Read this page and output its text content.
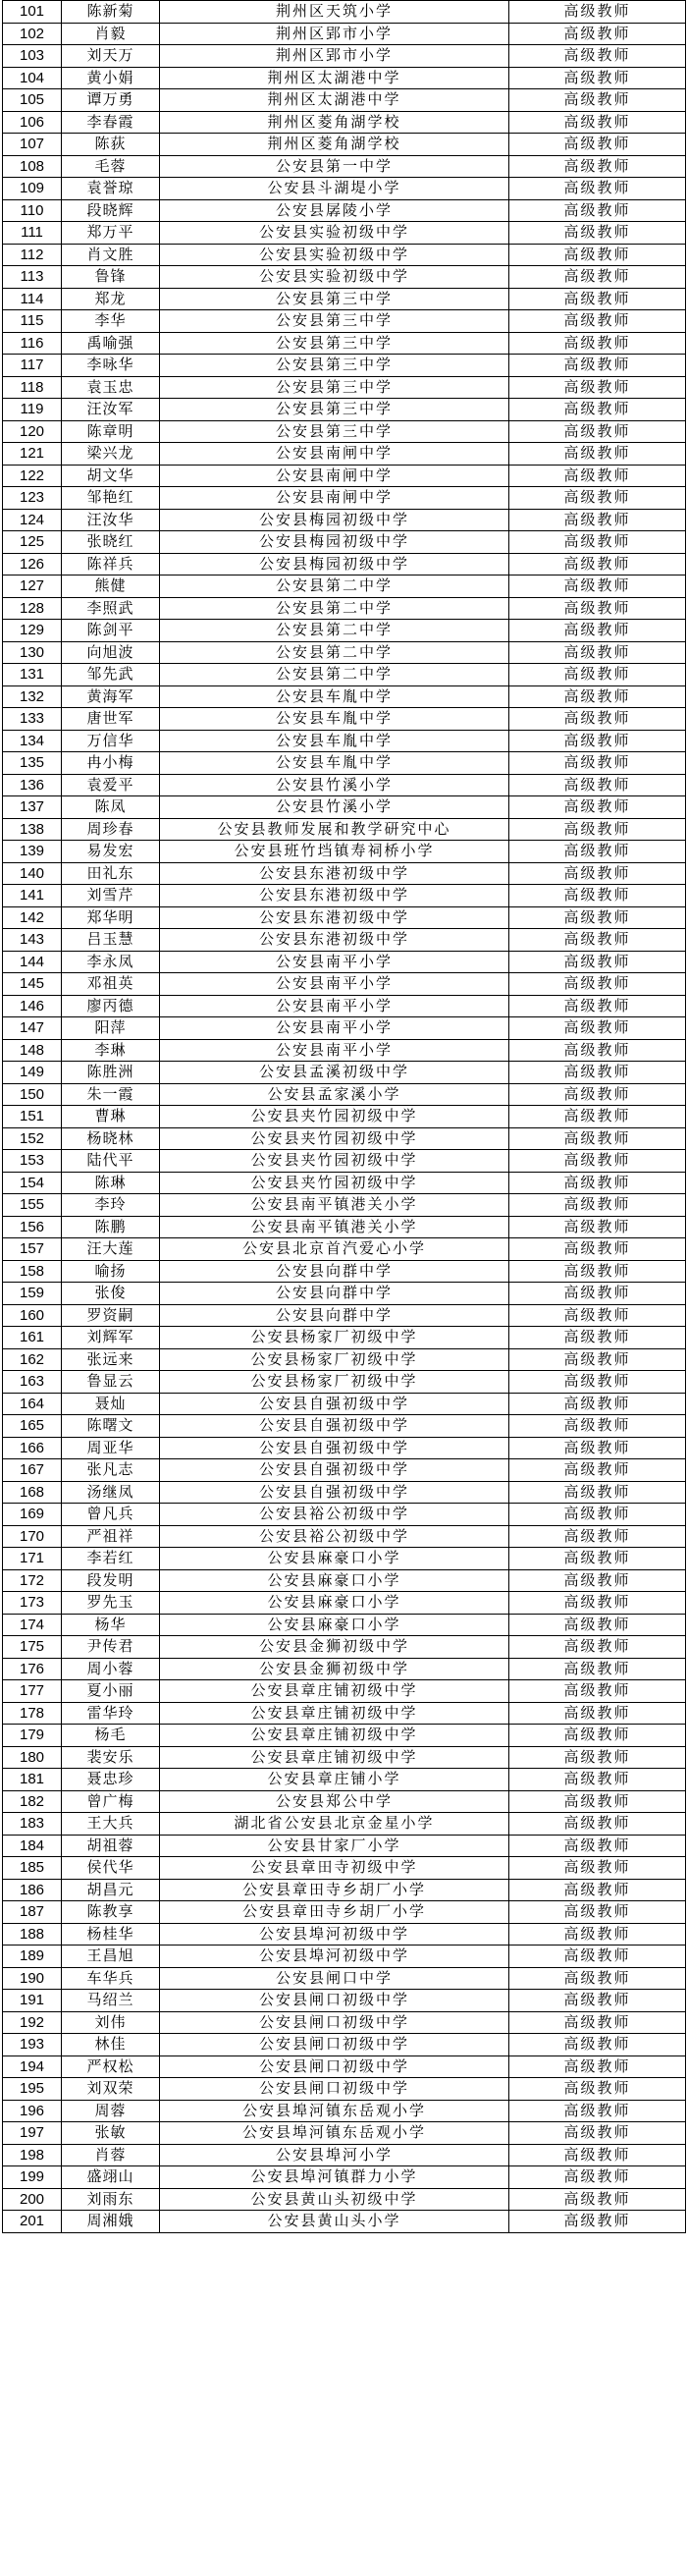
101	陈新菊	荆州区天筑小学	高级教师
102	肖毅	荆州区郢市小学	高级教师
103	刘天万	荆州区郢市小学	高级教师
104	黄小娟	荆州区太湖港中学	高级教师
105	谭万勇	荆州区太湖港中学	高级教师
106	李春霞	荆州区菱角湖学校	高级教师
107	陈荻	荆州区菱角湖学校	高级教师
108	毛蓉	公安县第一中学	高级教师
109	袁誉琼	公安县斗湖堤小学	高级教师
110	段晓辉	公安县孱陵小学	高级教师
111	郑万平	公安县实验初级中学	高级教师
112	肖文胜	公安县实验初级中学	高级教师
113	鲁锋	公安县实验初级中学	高级教师
114	郑龙	公安县第三中学	高级教师
115	李华	公安县第三中学	高级教师
116	禹喻强	公安县第三中学	高级教师
117	李咏华	公安县第三中学	高级教师
118	袁玉忠	公安县第三中学	高级教师
119	汪汝军	公安县第三中学	高级教师
120	陈章明	公安县第三中学	高级教师
121	梁兴龙	公安县南闸中学	高级教师
122	胡文华	公安县南闸中学	高级教师
123	邹艳红	公安县南闸中学	高级教师
124	汪汝华	公安县梅园初级中学	高级教师
125	张晓红	公安县梅园初级中学	高级教师
126	陈祥兵	公安县梅园初级中学	高级教师
127	熊健	公安县第二中学	高级教师
128	李照武	公安县第二中学	高级教师
129	陈剑平	公安县第二中学	高级教师
130	向旭波	公安县第二中学	高级教师
131	邹先武	公安县第二中学	高级教师
132	黄海军	公安县车胤中学	高级教师
133	唐世军	公安县车胤中学	高级教师
134	万信华	公安县车胤中学	高级教师
135	冉小梅	公安县车胤中学	高级教师
136	袁爱平	公安县竹溪小学	高级教师
137	陈凤	公安县竹溪小学	高级教师
138	周珍春	公安县教师发展和教学研究中心	高级教师
139	易发宏	公安县班竹垱镇寿祠桥小学	高级教师
140	田礼东	公安县东港初级中学	高级教师
141	刘雪芹	公安县东港初级中学	高级教师
142	郑华明	公安县东港初级中学	高级教师
143	吕玉慧	公安县东港初级中学	高级教师
144	李永凤	公安县南平小学	高级教师
145	邓祖英	公安县南平小学	高级教师
146	廖丙德	公安县南平小学	高级教师
147	阳萍	公安县南平小学	高级教师
148	李琳	公安县南平小学	高级教师
149	陈胜洲	公安县孟溪初级中学	高级教师
150	朱一霞	公安县孟家溪小学	高级教师
151	曹琳	公安县夹竹园初级中学	高级教师
152	杨晓林	公安县夹竹园初级中学	高级教师
153	陆代平	公安县夹竹园初级中学	高级教师
154	陈琳	公安县夹竹园初级中学	高级教师
155	李玲	公安县南平镇港关小学	高级教师
156	陈鹏	公安县南平镇港关小学	高级教师
157	汪大莲	公安县北京首汽爱心小学	高级教师
158	喻扬	公安县向群中学	高级教师
159	张俊	公安县向群中学	高级教师
160	罗资嗣	公安县向群中学	高级教师
161	刘辉军	公安县杨家厂初级中学	高级教师
162	张远来	公安县杨家厂初级中学	高级教师
163	鲁显云	公安县杨家厂初级中学	高级教师
164	聂灿	公安县自强初级中学	高级教师
165	陈曙文	公安县自强初级中学	高级教师
166	周亚华	公安县自强初级中学	高级教师
167	张凡志	公安县自强初级中学	高级教师
168	汤继凤	公安县自强初级中学	高级教师
169	曾凡兵	公安县裕公初级中学	高级教师
170	严祖祥	公安县裕公初级中学	高级教师
171	李若红	公安县麻豪口小学	高级教师
172	段发明	公安县麻豪口小学	高级教师
173	罗先玉	公安县麻豪口小学	高级教师
174	杨华	公安县麻豪口小学	高级教师
175	尹传君	公安县金狮初级中学	高级教师
176	周小蓉	公安县金狮初级中学	高级教师
177	夏小丽	公安县章庄铺初级中学	高级教师
178	雷华玲	公安县章庄铺初级中学	高级教师
179	杨毛	公安县章庄铺初级中学	高级教师
180	裴安乐	公安县章庄铺初级中学	高级教师
181	聂忠珍	公安县章庄铺小学	高级教师
182	曾广梅	公安县郑公中学	高级教师
183	王大兵	湖北省公安县北京金星小学	高级教师
184	胡祖蓉	公安县甘家厂小学	高级教师
185	侯代华	公安县章田寺初级中学	高级教师
186	胡昌元	公安县章田寺乡胡厂小学	高级教师
187	陈教享	公安县章田寺乡胡厂小学	高级教师
188	杨桂华	公安县埠河初级中学	高级教师
189	王昌旭	公安县埠河初级中学	高级教师
190	车华兵	公安县闸口中学	高级教师
191	马绍兰	公安县闸口初级中学	高级教师
192	刘伟	公安县闸口初级中学	高级教师
193	林佳	公安县闸口初级中学	高级教师
194	严权松	公安县闸口初级中学	高级教师
195	刘双荣	公安县闸口初级中学	高级教师
196	周蓉	公安县埠河镇东岳观小学	高级教师
197	张敏	公安县埠河镇东岳观小学	高级教师
198	肖蓉	公安县埠河小学	高级教师
199	盛翊山	公安县埠河镇群力小学	高级教师
200	刘雨东	公安县黄山头初级中学	高级教师
201	周湘娥	公安县黄山头小学	高级教师
